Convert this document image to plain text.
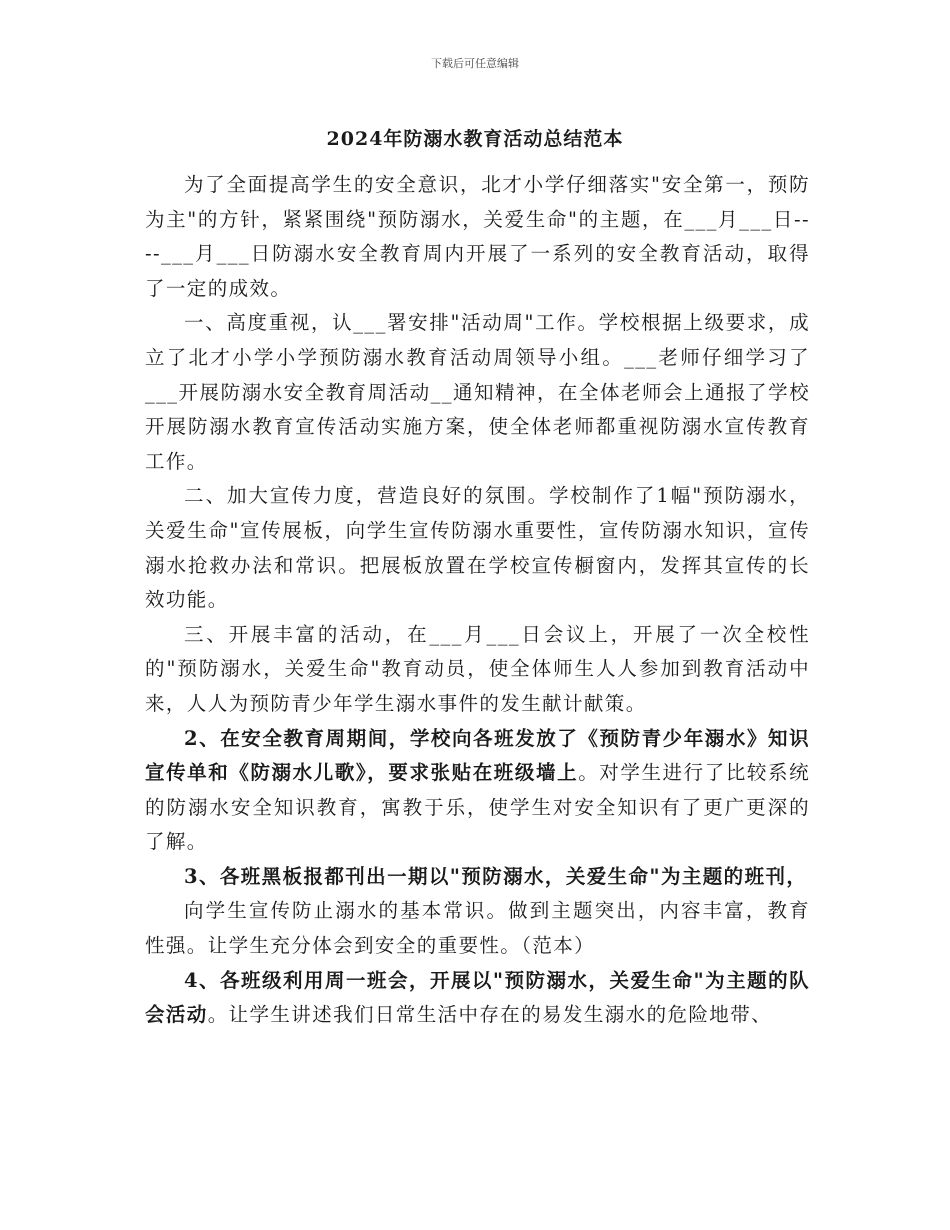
下载后可任意编辑
2024年防溺水教育活动总结范本

为了全面提高学生的安全意识，北才小学仔细落实"安全第一，预防为主"的方针，紧紧围绕"预防溺水，关爱生命"的主题，在___月___日----___月___日防溺水安全教育周内开展了一系列的安全教育活动，取得了一定的成效。

一、高度重视，认___署安排"活动周"工作。学校根据上级要求，成立了北才小学小学预防溺水教育活动周领导小组。___老师仔细学习了___开展防溺水安全教育周活动__通知精神，在全体老师会上通报了学校开展防溺水教育宣传活动实施方案，使全体老师都重视防溺水宣传教育工作。

二、加大宣传力度，营造良好的氛围。学校制作了1幅"预防溺水，关爱生命"宣传展板，向学生宣传防溺水重要性，宣传防溺水知识，宣传溺水抢救办法和常识。把展板放置在学校宣传橱窗内，发挥其宣传的长效功能。

三、开展丰富的活动，在___月___日会议上，开展了一次全校性的"预防溺水，关爱生命"教育动员，使全体师生人人参加到教育活动中来，人人为预防青少年学生溺水事件的发生献计献策。

2、在安全教育周期间，学校向各班发放了《预防青少年溺水》知识宣传单和《防溺水儿歌》，要求张贴在班级墙上。对学生进行了比较系统的防溺水安全知识教育，寓教于乐，使学生对安全知识有了更广更深的了解。

3、各班黑板报都刊出一期以"预防溺水，关爱生命"为主题的班刊，

向学生宣传防止溺水的基本常识。做到主题突出，内容丰富，教育性强。让学生充分体会到安全的重要性。（范本）

4、各班级利用周一班会，开展以"预防溺水，关爱生命"为主题的队会活动。让学生讲述我们日常生活中存在的易发生溺水的危险地带、
